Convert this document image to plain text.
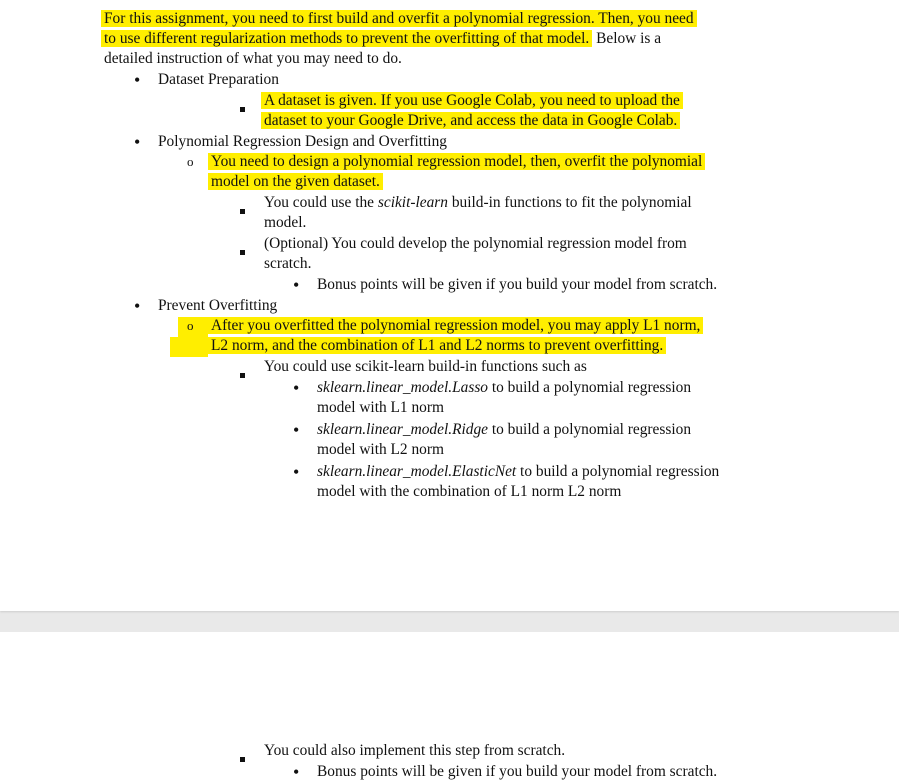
For this assignment, you need to first build and overfit a polynomial regression. Then, you need
to use different regularization methods to prevent the overfitting of that model. Below is a
detailed instruction of what you may need to do.
• Dataset Preparation
A dataset is given. If you use Google Colab, you need to upload the
dataset to your Google Drive, and access the data in Google Colab.
• Polynomial Regression Design and Overfitting
o You need to design a polynomial regression model, then, overfit the polynomial
model on the given dataset.
You could use the scikit-learn build-in functions to fit the polynomial
model.
(Optional) You could develop the polynomial regression model from
scratch.
• Bonus points will be given if you build your model from scratch.
• Prevent Overfitting
o After you overfitted the polynomial regression model, you may apply L1 norm,
L2 norm, and the combination of L1 and L2 norms to prevent overfitting.
You could use scikit-learn build-in functions such as
• sklearn.linear_model.Lasso to build a polynomial regression
model with L1 norm
• sklearn.linear_model.Ridge to build a polynomial regression
model with L2 norm
• sklearn.linear_model.ElasticNet to build a polynomial regression
model with the combination of L1 norm L2 norm
You could also implement this step from scratch.
• Bonus points will be given if you build your model from scratch.
